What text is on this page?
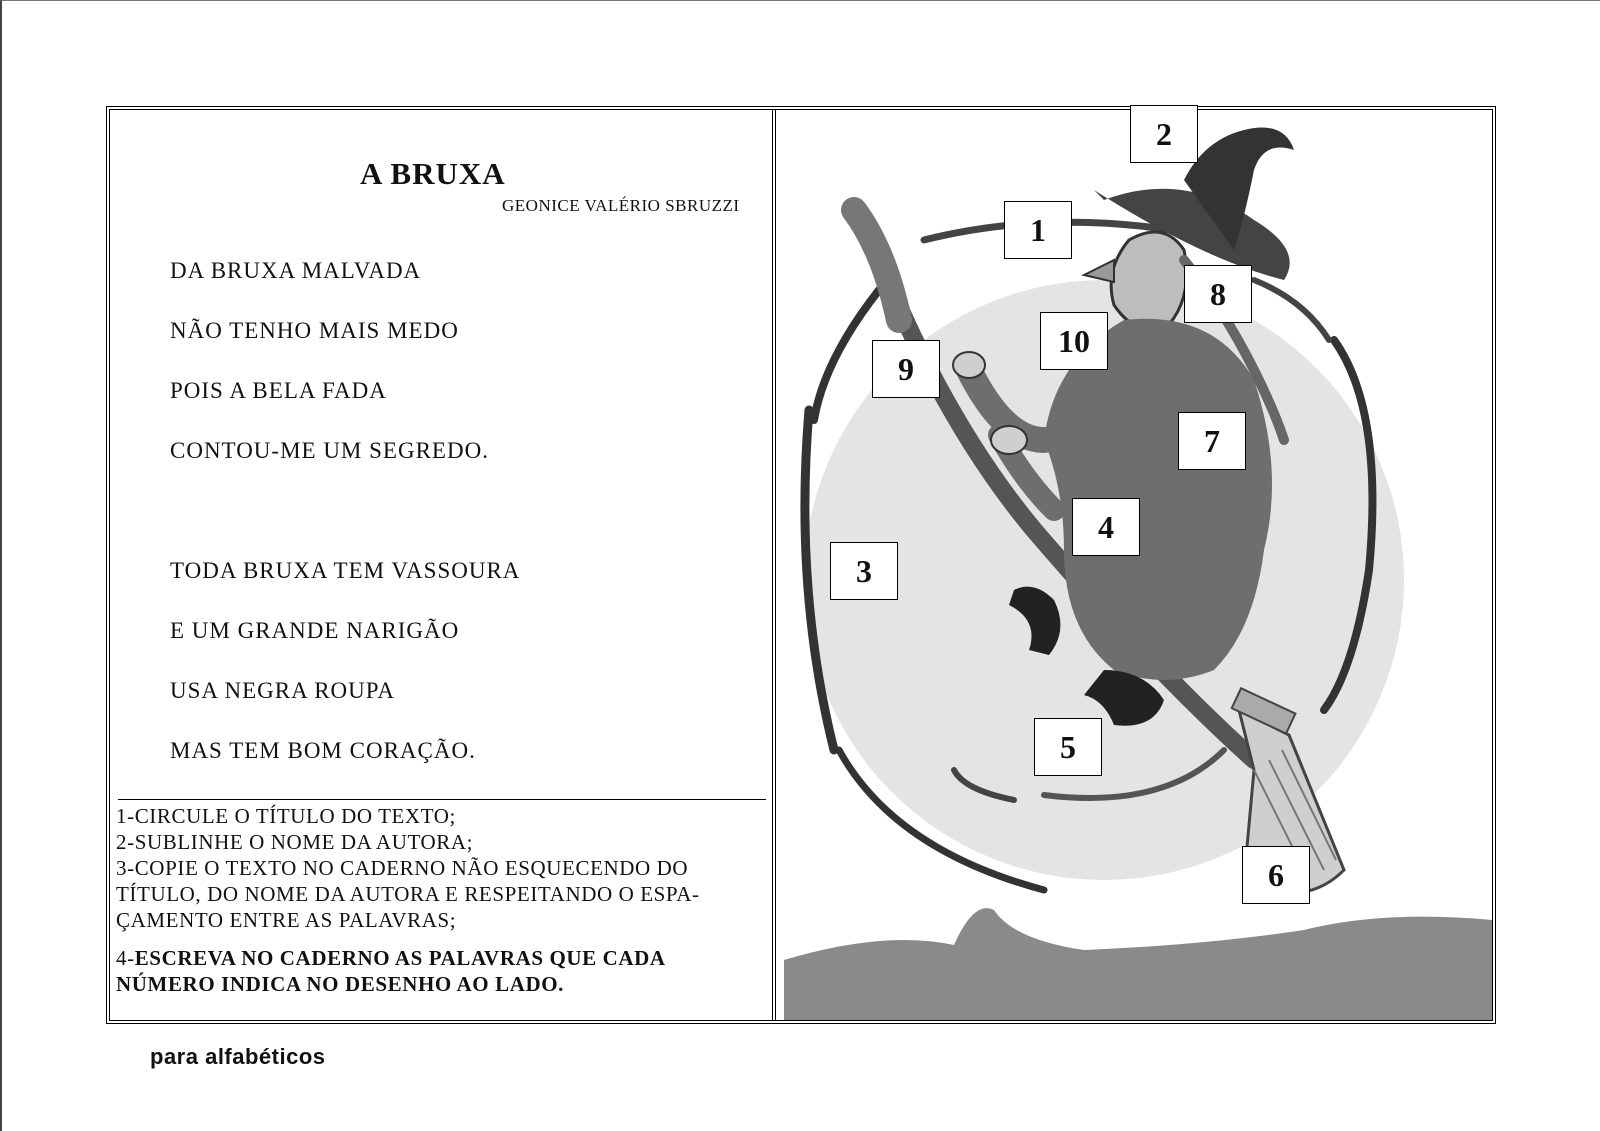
A BRUXA
GEONICE VALÉRIO SBRUZZI
DA BRUXA MALVADA
NÃO TENHO MAIS MEDO
POIS A BELA FADA
CONTOU-ME UM SEGREDO.
TODA BRUXA TEM VASSOURA
E UM GRANDE NARIGÃO
USA NEGRA ROUPA
MAS TEM BOM CORAÇÃO.
1-CIRCULE O TÍTULO DO TEXTO;
2-SUBLINHE O NOME DA AUTORA;
3-COPIE O TEXTO NO CADERNO NÃO ESQUECENDO DO
TÍTULO, DO NOME DA AUTORA E RESPEITANDO O ESPA-
ÇAMENTO ENTRE AS PALAVRAS;
4-ESCREVA NO CADERNO AS PALAVRAS QUE CADA
NÚMERO INDICA NO DESENHO AO LADO.
2
1
8
10
9
7
4
3
5
6
para alfabéticos
